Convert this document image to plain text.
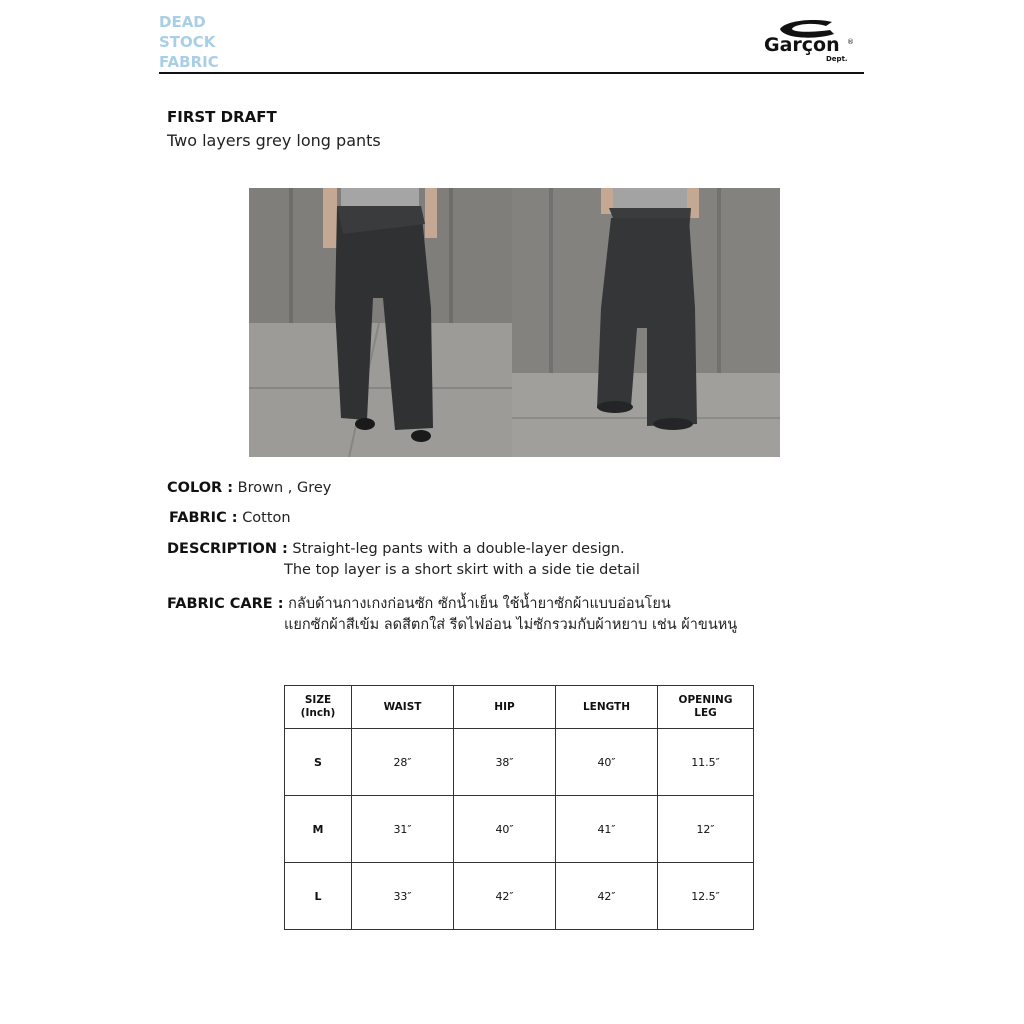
DEAD
STOCK
FABRIC
Garçon ®
Dept.
FIRST DRAFT
Two layers grey long pants
COLOR : Brown , Grey
FABRIC : Cotton
DESCRIPTION : Straight-leg pants with a double-layer design.
The top layer is a short skirt with a side tie detail
FABRIC CARE : กลับด้านกางเกงก่อนซัก ซักน้ำเย็น ใช้น้ำยาซักผ้าแบบอ่อนโยน
แยกซักผ้าสีเข้ม ลดสีตกใส่ รีดไฟอ่อน ไม่ซักรวมกับผ้าหยาบ เช่น ผ้าขนหนู
SIZE
(Inch)	WAIST	HIP	LENGTH	OPENING
LEG
S	28″	38″	40″	11.5″
M	31″	40″	41″	12″
L	33″	42″	42″	12.5″
